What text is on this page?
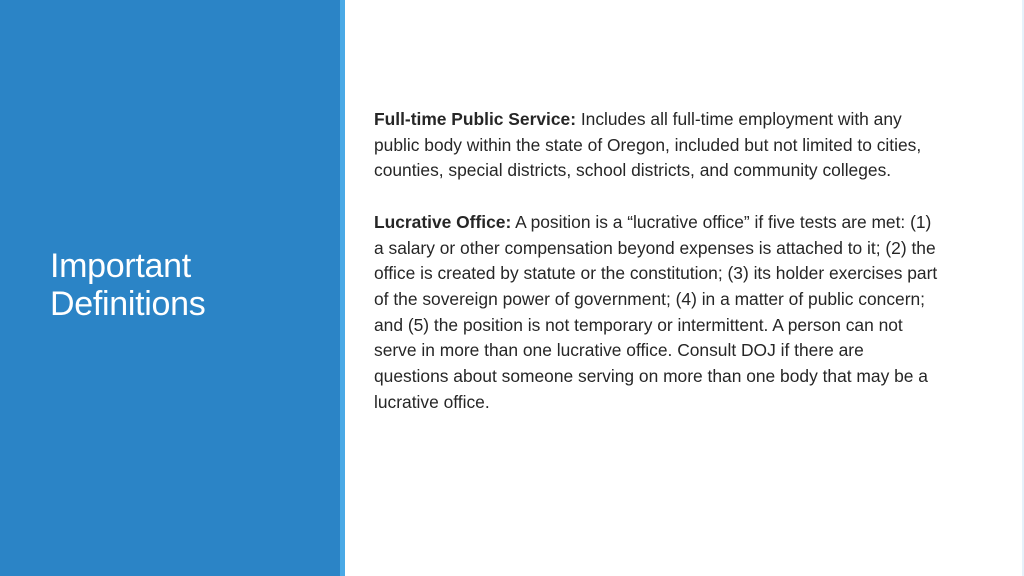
Important
Definitions

Full-time Public Service: Includes all full-time employment with any public body within the state of Oregon, included but not limited to cities, counties, special districts, school districts, and community colleges.

Lucrative Office: A position is a “lucrative office” if five tests are met: (1) a salary or other compensation beyond expenses is attached to it; (2) the office is created by statute or the constitution; (3) its holder exercises part of the sovereign power of government; (4) in a matter of public concern; and (5) the position is not temporary or intermittent. A person can not serve in more than one lucrative office. Consult DOJ if there are questions about someone serving on more than one body that may be a lucrative office.
